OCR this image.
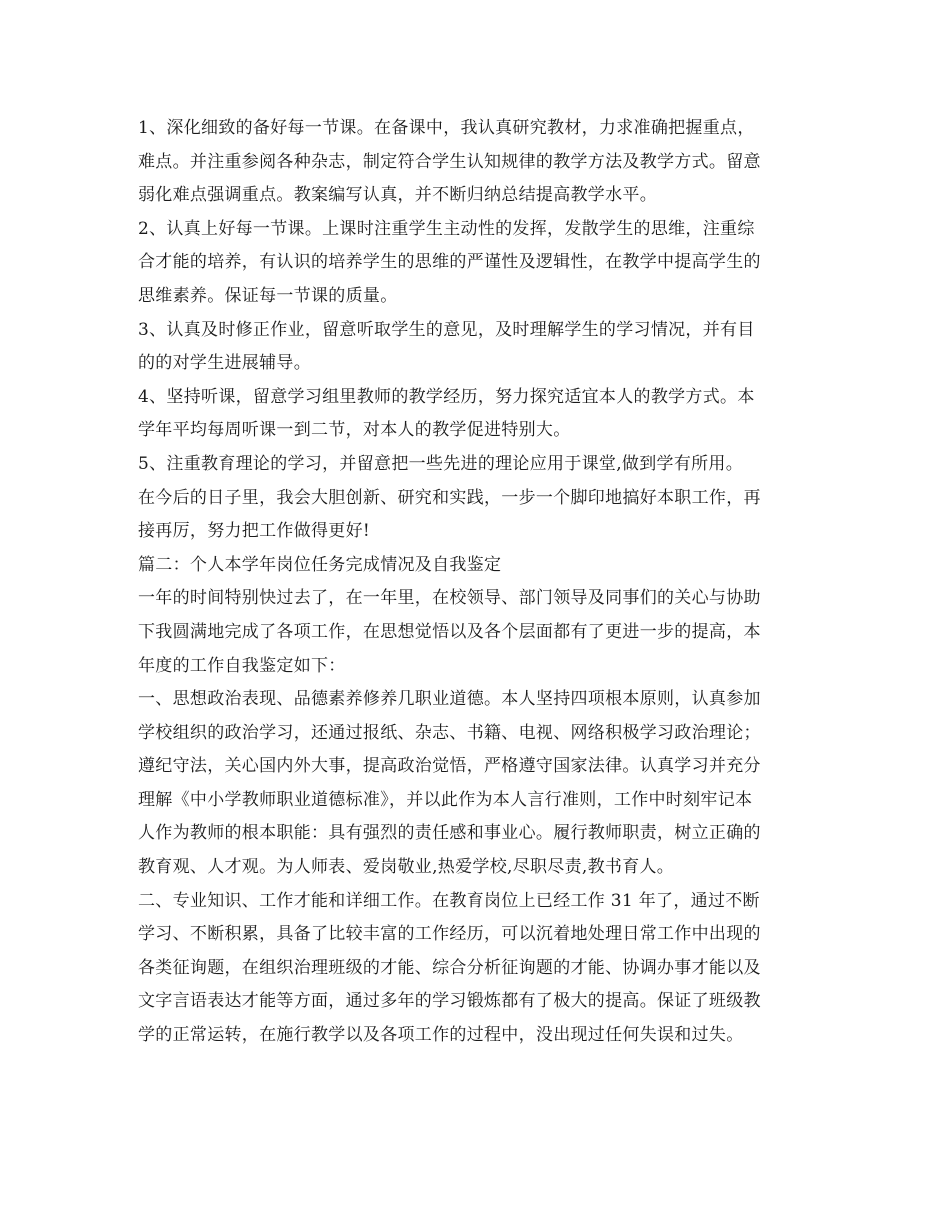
1、深化细致的备好每一节课。在备课中，我认真研究教材，力求准确把握重点，
难点。并注重参阅各种杂志，制定符合学生认知规律的教学方法及教学方式。留意
弱化难点强调重点。教案编写认真，并不断归纳总结提高教学水平。
2、认真上好每一节课。上课时注重学生主动性的发挥，发散学生的思维，注重综
合才能的培养，有认识的培养学生的思维的严谨性及逻辑性，在教学中提高学生的
思维素养。保证每一节课的质量。
3、认真及时修正作业，留意听取学生的意见，及时理解学生的学习情况，并有目
的的对学生进展辅导。
4、坚持听课，留意学习组里教师的教学经历，努力探究适宜本人的教学方式。本
学年平均每周听课一到二节，对本人的教学促进特别大。
5、注重教育理论的学习，并留意把一些先进的理论应用于课堂,做到学有所用。
在今后的日子里，我会大胆创新、研究和实践，一步一个脚印地搞好本职工作，再
接再厉，努力把工作做得更好!
篇二：个人本学年岗位任务完成情况及自我鉴定
一年的时间特别快过去了，在一年里，在校领导、部门领导及同事们的关心与协助
下我圆满地完成了各项工作，在思想觉悟以及各个层面都有了更进一步的提高，本
年度的工作自我鉴定如下：
一、思想政治表现、品德素养修养几职业道德。本人坚持四项根本原则，认真参加
学校组织的政治学习，还通过报纸、杂志、书籍、电视、网络积极学习政治理论；
遵纪守法，关心国内外大事，提高政治觉悟，严格遵守国家法律。认真学习并充分
理解《中小学教师职业道德标准》，并以此作为本人言行准则，工作中时刻牢记本
人作为教师的根本职能：具有强烈的责任感和事业心。履行教师职责，树立正确的
教育观、人才观。为人师表、爱岗敬业,热爱学校,尽职尽责,教书育人。
二、专业知识、工作才能和详细工作。在教育岗位上已经工作 31 年了，通过不断
学习、不断积累，具备了比较丰富的工作经历，可以沉着地处理日常工作中出现的
各类征询题，在组织治理班级的才能、综合分析征询题的才能、协调办事才能以及
文字言语表达才能等方面，通过多年的学习锻炼都有了极大的提高。保证了班级教
学的正常运转，在施行教学以及各项工作的过程中，没出现过任何失误和过失。
